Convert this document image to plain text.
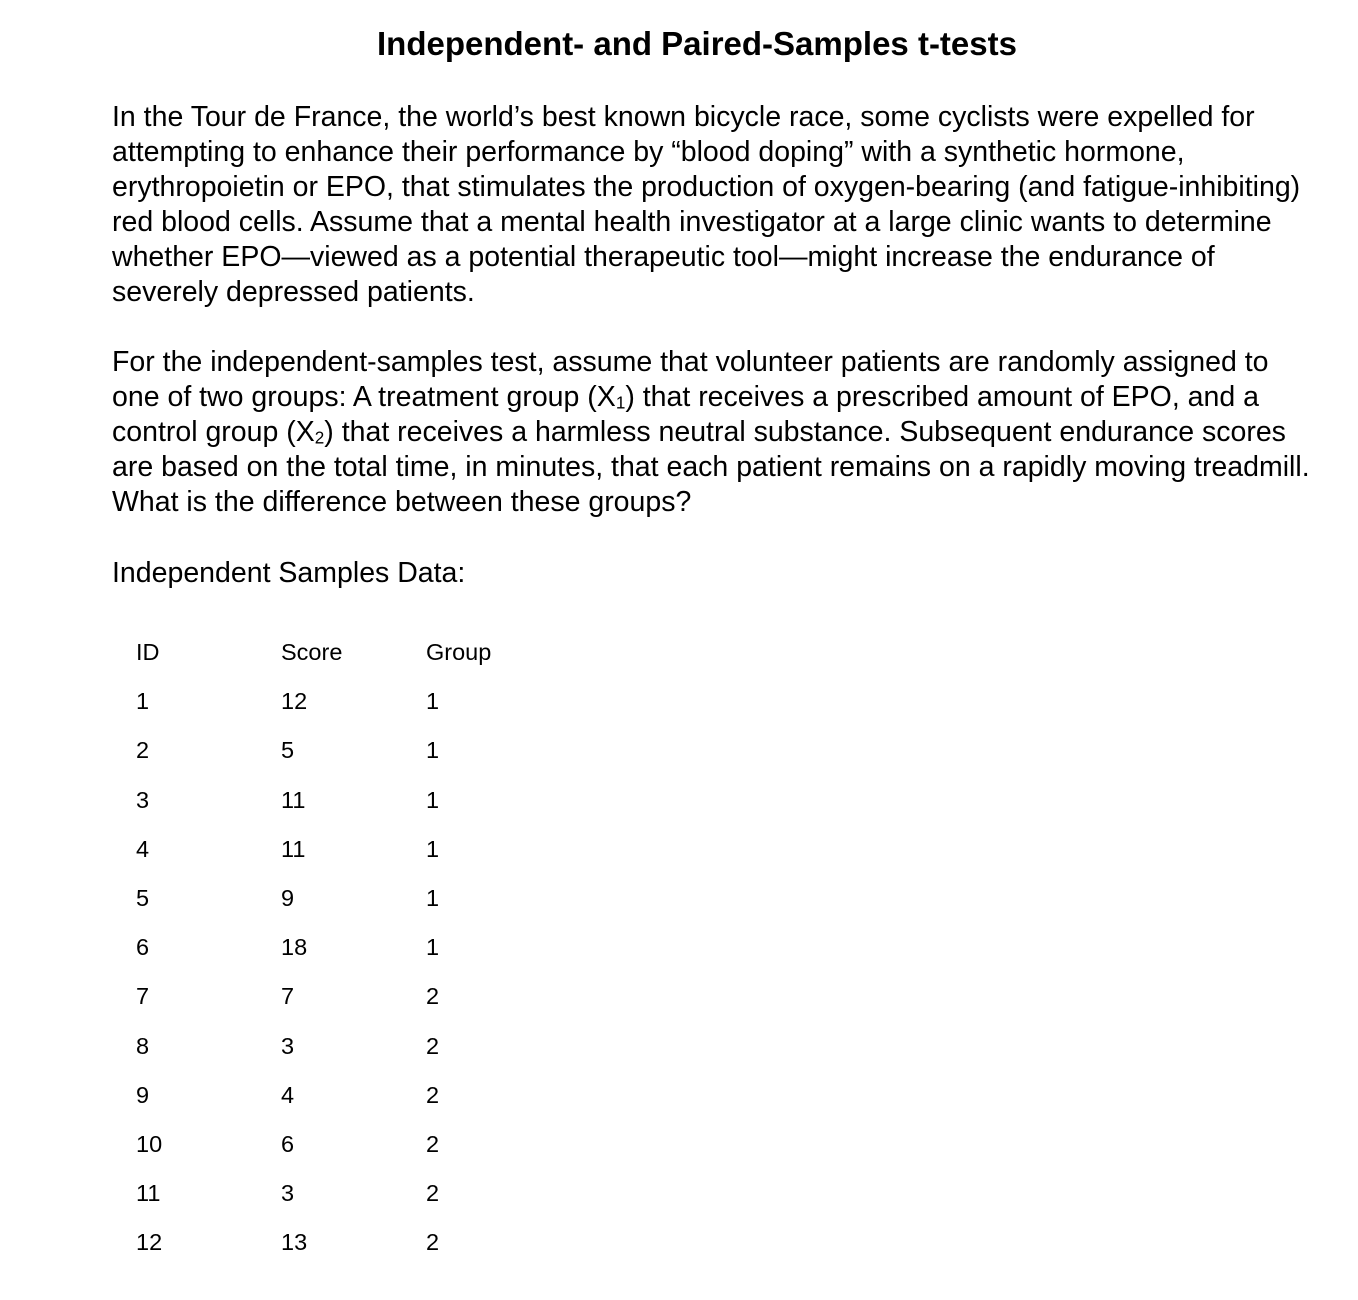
Independent- and Paired-Samples t-tests

In the Tour de France, the world’s best known bicycle race, some cyclists were expelled for attempting to enhance their performance by “blood doping” with a synthetic hormone, erythropoietin or EPO, that stimulates the production of oxygen-bearing (and fatigue-inhibiting) red blood cells. Assume that a mental health investigator at a large clinic wants to determine whether EPO—viewed as a potential therapeutic tool—might increase the endurance of severely depressed patients.

For the independent-samples test, assume that volunteer patients are randomly assigned to one of two groups: A treatment group $(X_1)$ that receives a prescribed amount of EPO, and a control group $(X_2)$ that receives a harmless neutral substance. Subsequent endurance scores are based on the total time, in minutes, that each patient remains on a rapidly moving treadmill. What is the difference between these groups?

Independent Samples Data:
ID	Score	Group
1	12	1
2	5	1
3	11	1
4	11	1
5	9	1
6	18	1
7	7	2
8	3	2
9	4	2
10	6	2
11	3	2
12	13	2
